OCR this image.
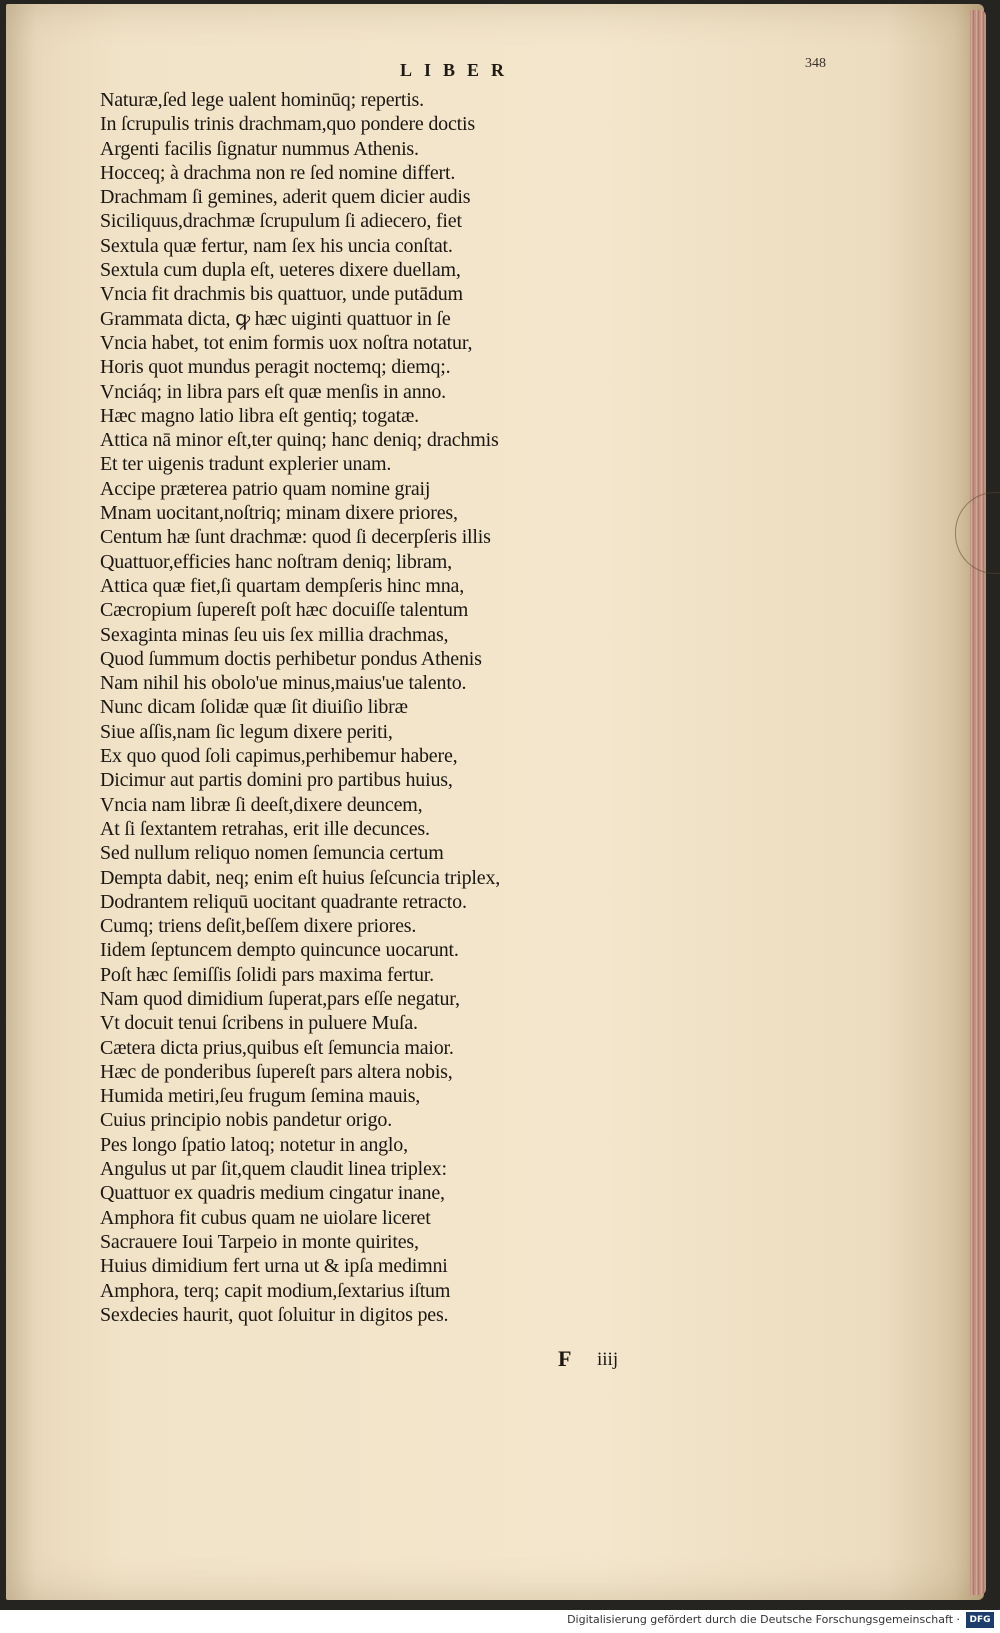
LIBER	348
Naturæ,ſed lege ualent hominūq; repertis.
In ſcrupulis trinis drachmam,quo pondere doctis
Argenti facilis ſignatur nummus Athenis.
Hocceq; à drachma non re ſed nomine differt.
Drachmam ſi gemines, aderit quem dicier audis
Siciliquus,drachmæ ſcrupulum ſi adiecero, fiet
Sextula quæ fertur, nam ſex his uncia conſtat.
Sextula cum dupla eſt, ueteres dixere duellam,
Vncia fit drachmis bis quattuor, unde putādum
Grammata dicta, ꝙ hæc uiginti quattuor in ſe
Vncia habet, tot enim formis uox noſtra notatur,
Horis quot mundus peragit noctemq; diemq;.
Vnciáq; in libra pars eſt quæ menſis in anno.
Hæc magno latio libra eſt gentiq; togatæ.
Attica nā minor eſt,ter quinq; hanc deniq; drachmis
Et ter uigenis tradunt explerier unam.
Accipe præterea patrio quam nomine graij
Mnam uocitant,noſtriq; minam dixere priores,
Centum hæ ſunt drachmæ: quod ſi decerpſeris illis
Quattuor,efficies hanc noſtram deniq; libram,
Attica quæ fiet,ſi quartam dempſeris hinc mna,
Cæcropium ſupereſt poſt hæc docuiſſe talentum
Sexaginta minas ſeu uis ſex millia drachmas,
Quod ſummum doctis perhibetur pondus Athenis
Nam nihil his obolo'ue minus,maius'ue talento.
Nunc dicam ſolidæ quæ ſit diuiſio libræ
Siue aſſis,nam ſic legum dixere periti,
Ex quo quod ſoli capimus,perhibemur habere,
Dicimur aut partis domini pro partibus huius,
Vncia nam libræ ſi deeſt,dixere deuncem,
At ſi ſextantem retrahas, erit ille decunces.
Sed nullum reliquo nomen ſemuncia certum
Dempta dabit, neq; enim eſt huius ſeſcuncia triplex,
Dodrantem reliquū uocitant quadrante retracto.
Cumq; triens deſit,beſſem dixere priores.
Iidem ſeptuncem dempto quincunce uocarunt.
Poſt hæc ſemiſſis ſolidi pars maxima fertur.
Nam quod dimidium ſuperat,pars eſſe negatur,
Vt docuit tenui ſcribens in puluere Muſa.
Cætera dicta prius,quibus eſt ſemuncia maior.
Hæc de ponderibus ſupereſt pars altera nobis,
Humida metiri,ſeu frugum ſemina mauis,
Cuius principio nobis pandetur origo.
Pes longo ſpatio latoq; notetur in anglo,
Angulus ut par ſit,quem claudit linea triplex:
Quattuor ex quadris medium cingatur inane,
Amphora fit cubus quam ne uiolare liceret
Sacrauere Ioui Tarpeio in monte quirites,
Huius dimidium fert urna ut & ipſa medimni
Amphora, terq; capit modium,ſextarius iſtum
Sexdecies haurit, quot ſoluitur in digitos pes.
F iiij
Digitalisierung gefördert durch die Deutsche Forschungsgemeinschaft ·	DFG
